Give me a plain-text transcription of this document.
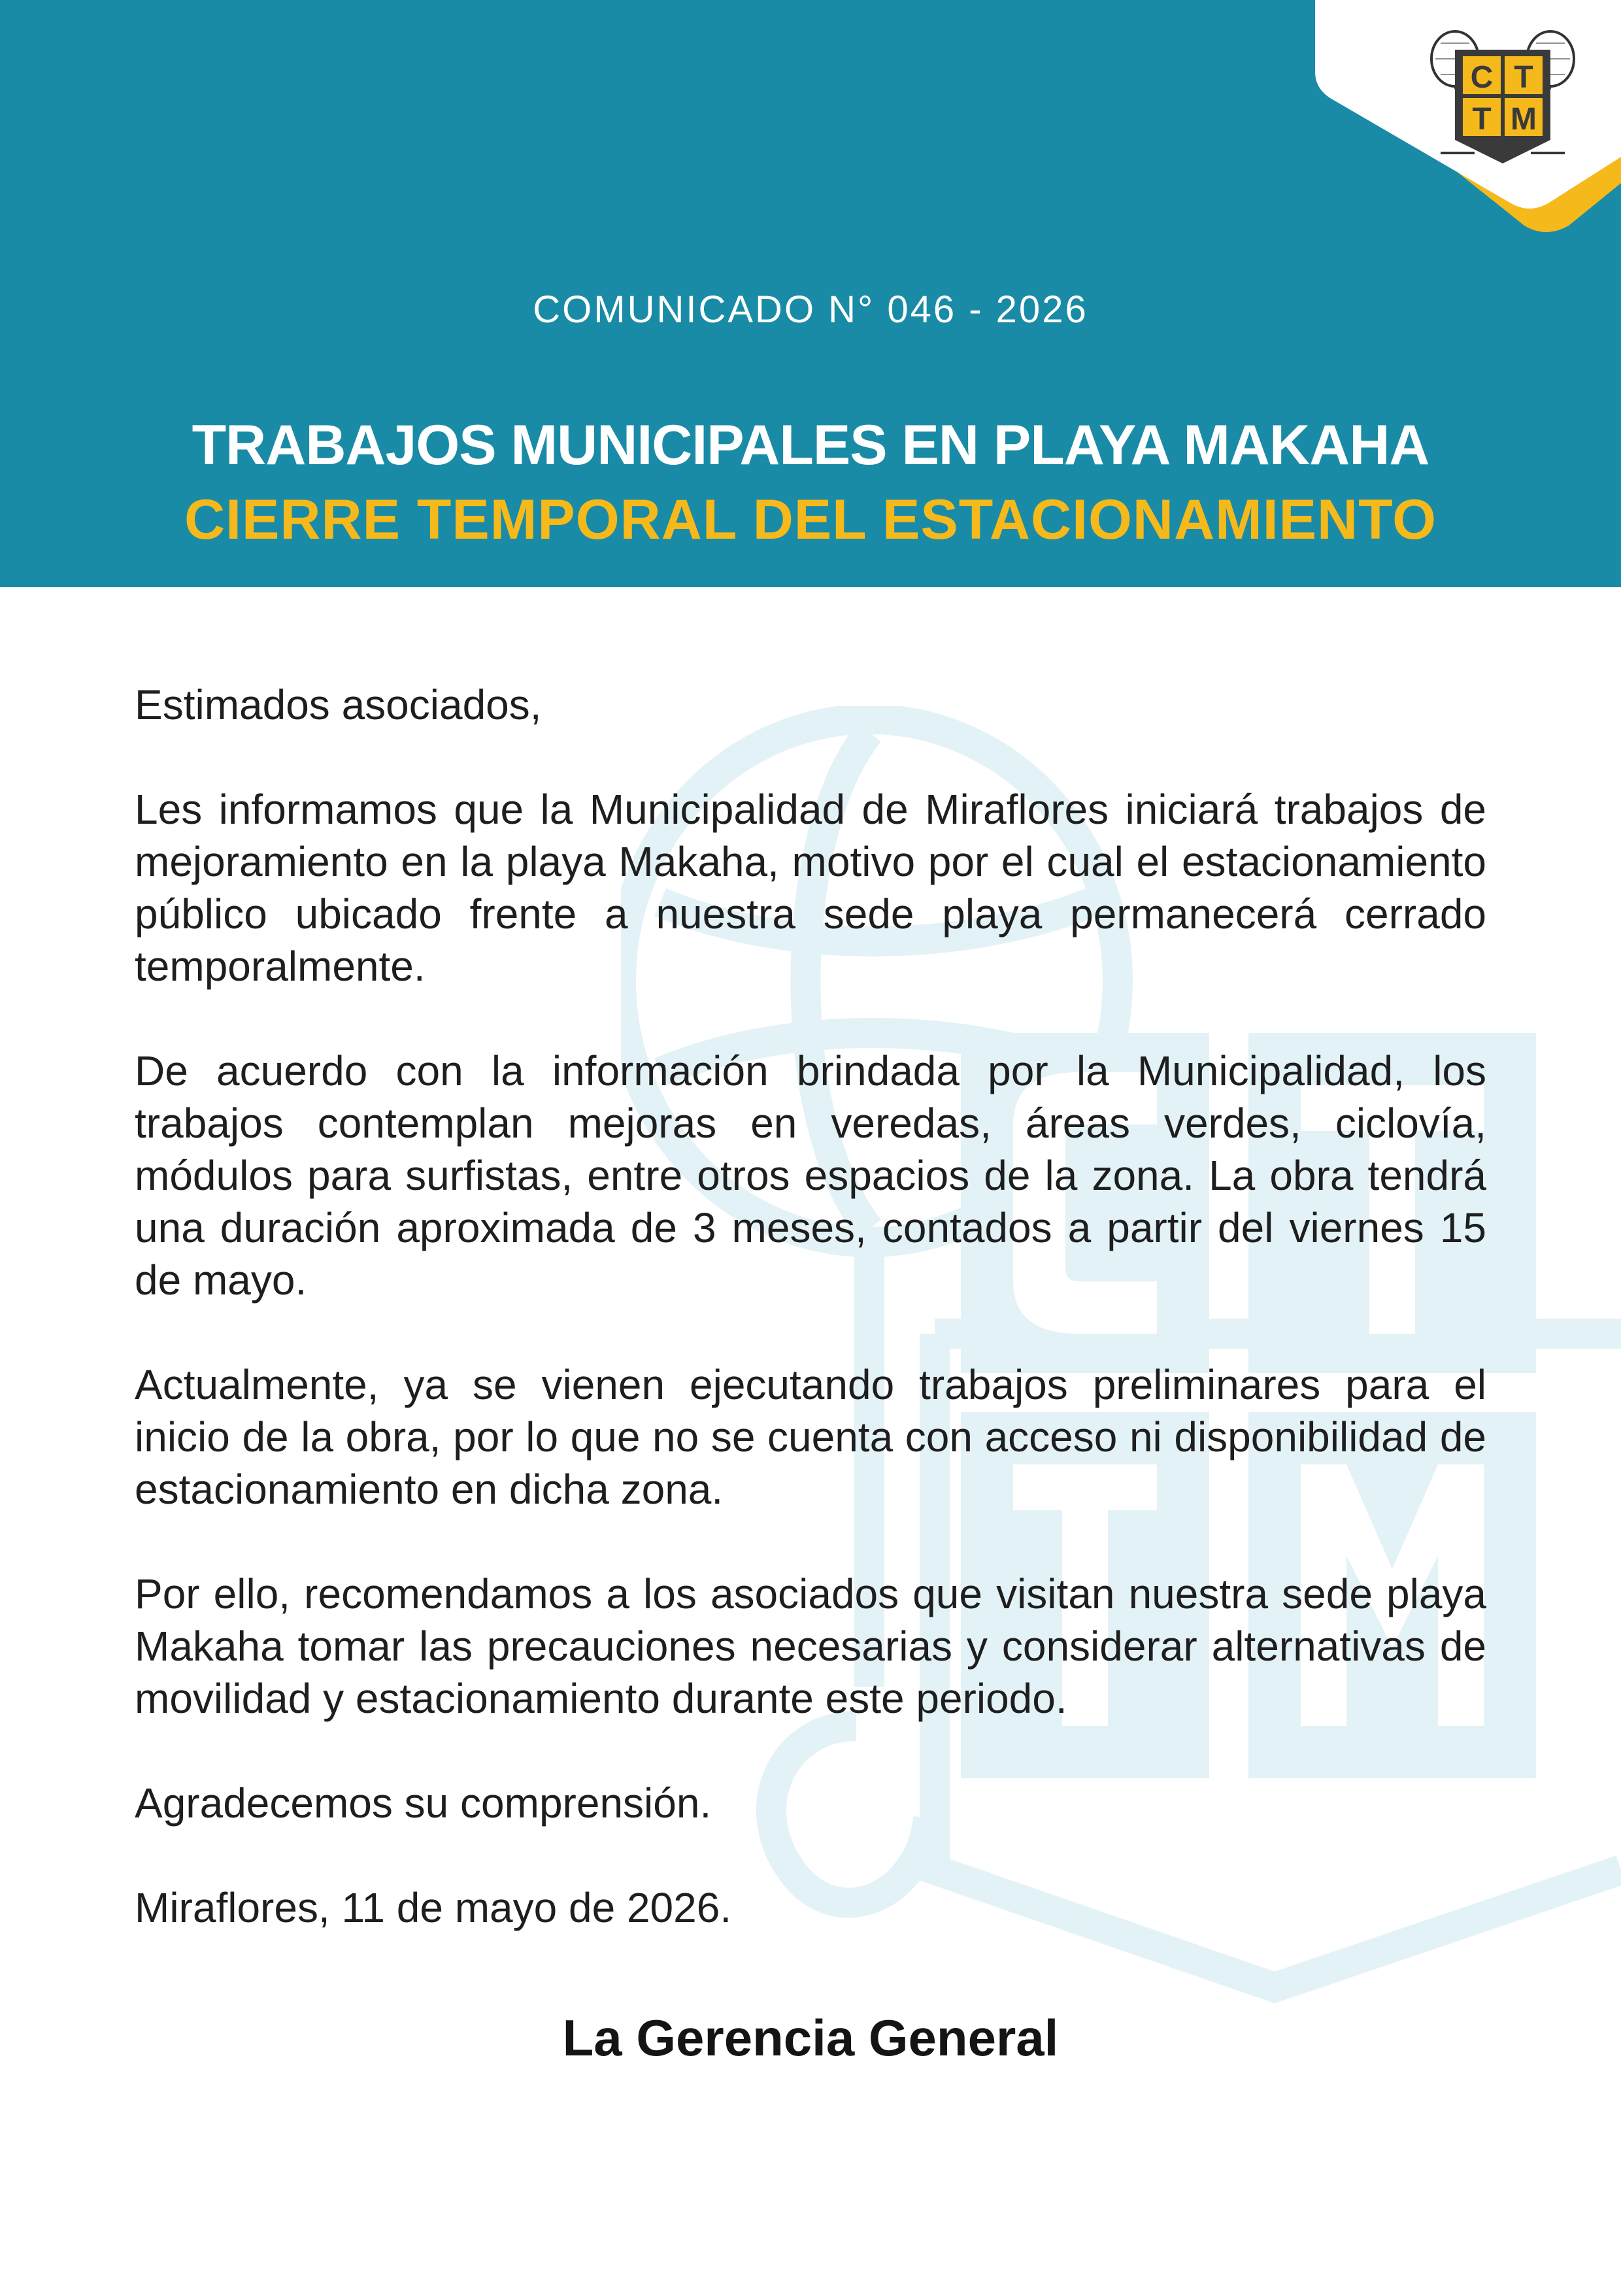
C T
T M
COMUNICADO N° 046 - 2026
TRABAJOS MUNICIPALES EN PLAYA MAKAHA
CIERRE TEMPORAL DEL ESTACIONAMIENTO

Estimados asociados,

Les informamos que la Municipalidad de Miraflores iniciará trabajos de mejoramiento en la playa Makaha, motivo por el cual el estacionamiento público ubicado frente a nuestra sede playa permanecerá cerrado temporalmente.

De acuerdo con la información brindada por la Municipalidad, los trabajos contemplan mejoras en veredas, áreas verdes, ciclovía, módulos para surfistas, entre otros espacios de la zona. La obra tendrá una duración aproximada de 3 meses, contados a partir del viernes 15 de mayo.

Actualmente, ya se vienen ejecutando trabajos preliminares para el inicio de la obra, por lo que no se cuenta con acceso ni disponibilidad de estacionamiento en dicha zona.

Por ello, recomendamos a los asociados que visitan nuestra sede playa Makaha tomar las precauciones necesarias y considerar alternativas de movilidad y estacionamiento durante este periodo.

Agradecemos su comprensión.

Miraflores, 11 de mayo de 2026.

La Gerencia General
